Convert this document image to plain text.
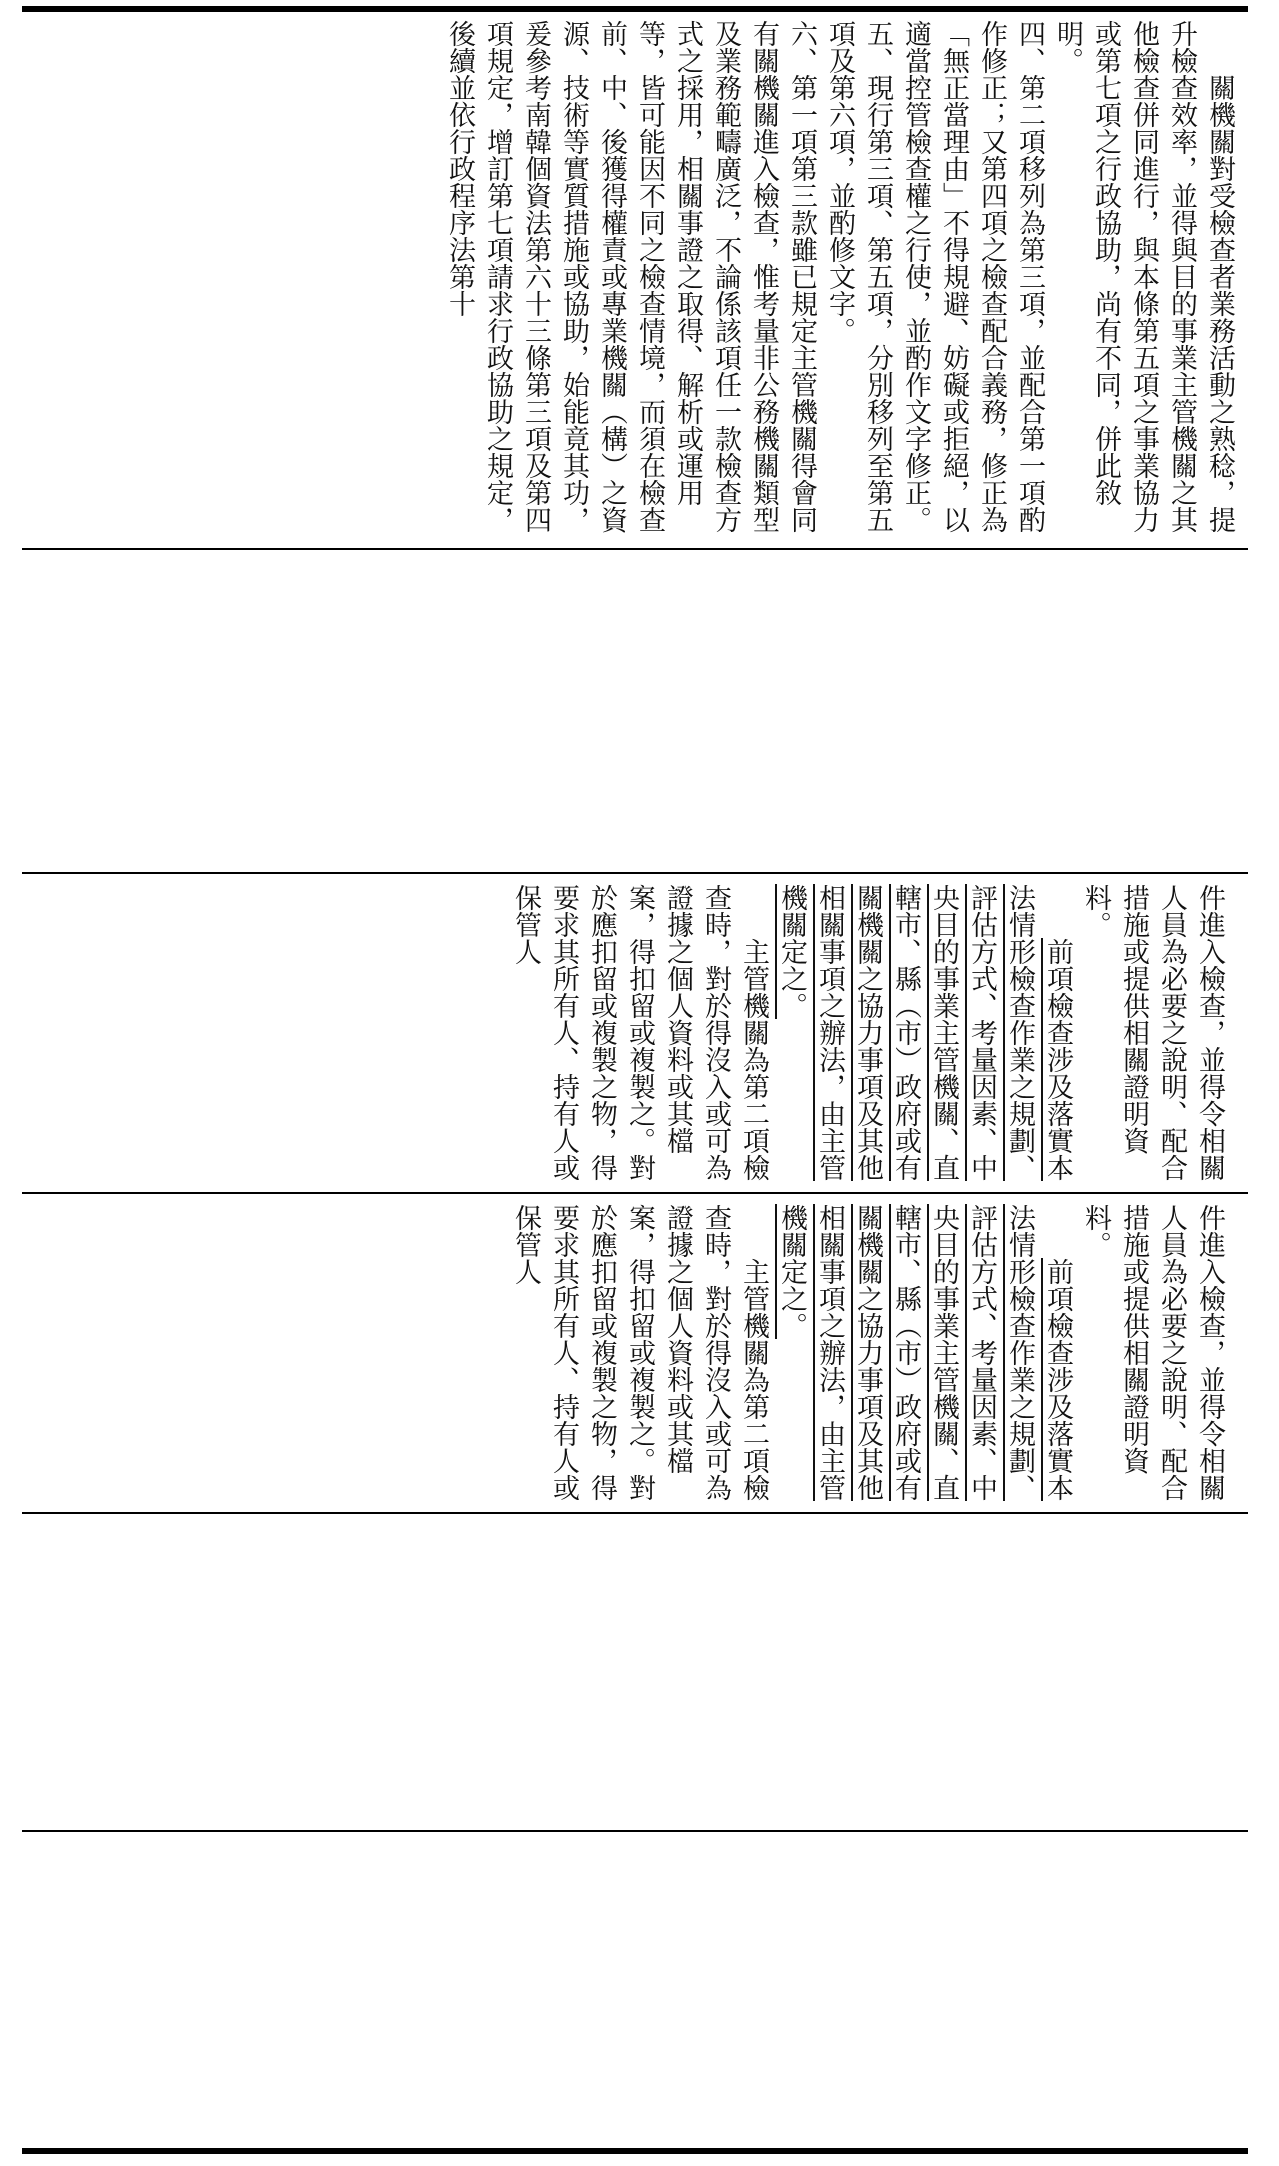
關機關對受檢查者業務活動之熟稔，提升檢查效率，並得與目的事業主管機關之其他檢查併同進行，與本條第五項之事業協力或第七項之行政協助，尚有不同，併此敘明。

四、第二項移列為第三項，並配合第一項酌作修正；又第四項之檢查配合義務，修正為「無正當理由」不得規避、妨礙或拒絕，以適當控管檢查權之行使，並酌作文字修正。

五、現行第三項、第五項，分別移列至第五項及第六項，並酌修文字。

六、第一項第三款雖已規定主管機關得會同有關機關進入檢查，惟考量非公務機關類型及業務範疇廣泛，不論係該項任一款檢查方式之採用，相關事證之取得、解析或運用等，皆可能因不同之檢查情境，而須在檢查前、中、後獲得權責或專業機關（構）之資源、技術等實質措施或協助，始能竟其功，爰參考南韓個資法第六十三條第三項及第四項規定，增訂第七項請求行政協助之規定，後續並依行政程序法第十

件進入檢查，並得令相關人員為必要之說明、配合措施或提供相關證明資料。

前項檢查涉及落實本法情形檢查作業之規劃、評估方式、考量因素、中央目的事業主管機關、直轄市、縣（市）政府或有關機關之協力事項及其他相關事項之辦法，由主管機關定之。

主管機關為第二項檢查時，對於得沒入或可為證據之個人資料或其檔案，得扣留或複製之。對於應扣留或複製之物，得要求其所有人、持有人或保管人

件進入檢查，並得令相關人員為必要之說明、配合措施或提供相關證明資料。

前項檢查涉及落實本法情形檢查作業之規劃、評估方式、考量因素、中央目的事業主管機關、直轄市、縣（市）政府或有關機關之協力事項及其他相關事項之辦法，由主管機關定之。

主管機關為第二項檢查時，對於得沒入或可為證據之個人資料或其檔案，得扣留或複製之。對於應扣留或複製之物，得要求其所有人、持有人或保管人
